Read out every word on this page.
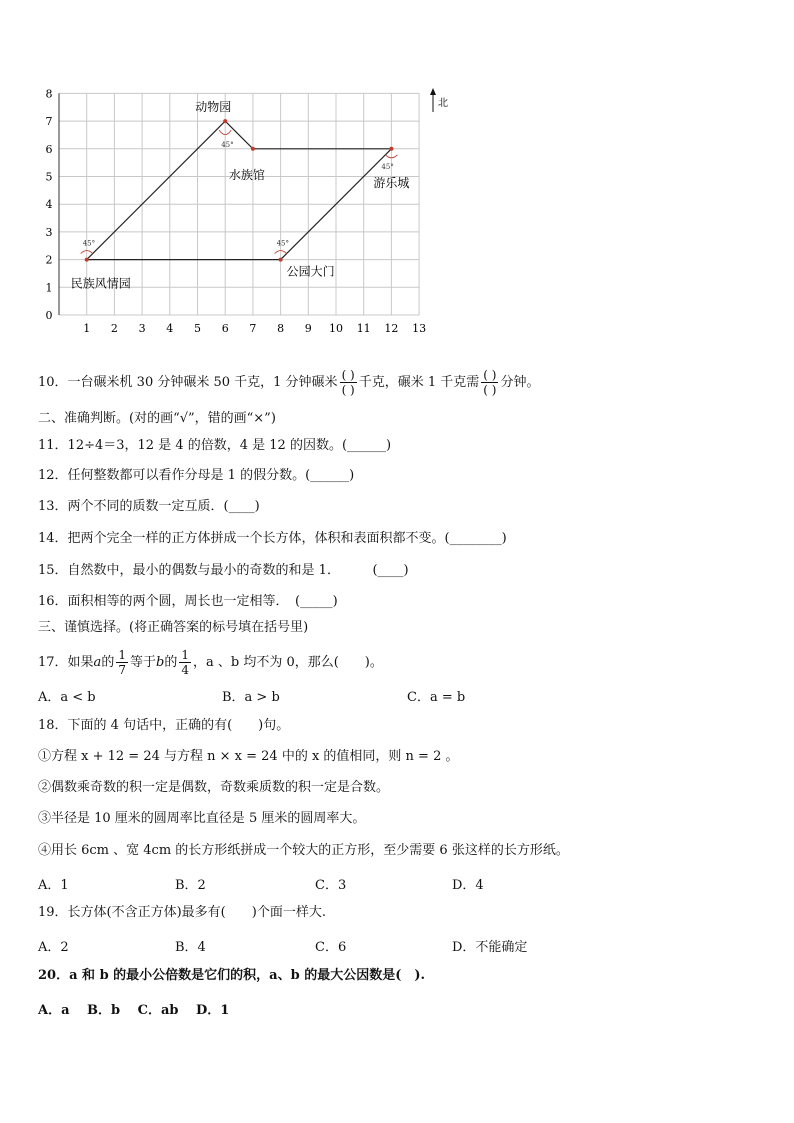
1 2 3 4 5 6 7 8 9 10 11 12 13
0
1
2
3
4
5
6
7
8
动物园
水族馆
游乐城
公园大门
民族风情园
45°
45°
45°
45°
北
10．一台碾米机 30 分钟碾米 50 千克，1 分钟碾米 $\frac{( )}{( )}$ 千克，碾米 1 千克需 $\frac{( )}{( )}$ 分钟。
二、准确判断。(对的画“√”，错的画“×”)
11．12÷4＝3，12 是 4 的倍数，4 是 12 的因数。(______)
12．任何整数都可以看作分母是 1 的假分数。(______)
13．两个不同的质数一定互质．(____)
14．把两个完全一样的正方体拼成一个长方体，体积和表面积都不变。(________)
15．自然数中，最小的偶数与最小的奇数的和是 1．　　　(____)
16．面积相等的两个圆，周长也一定相等．　(_____)
三、谨慎选择。(将正确答案的标号填在括号里)
17．如果a的 $\frac{1}{7}$ 等于b的 $\frac{1}{4}$ ，a 、b 均不为 0，那么(　　)。
A．a < b	B．a > b	C．a = b
18．下面的 4 句话中，正确的有(　　)句。
①方程 x + 12 = 24 与方程 n × x = 24 中的 x 的值相同，则 n = 2 。
②偶数乘奇数的积一定是偶数，奇数乘质数的积一定是合数。
③半径是 10 厘米的圆周率比直径是 5 厘米的圆周率大。
④用长 6cm 、宽 4cm 的长方形纸拼成一个较大的正方形，至少需要 6 张这样的长方形纸。
A．1	B．2	C．3	D．4
19．长方体(不含正方体)最多有(　　)个面一样大.
A．2	B．4	C．6	D．不能确定
20．a 和 b 的最小公倍数是它们的积，a、b 的最大公因数是(　).
A．a　 B．b　 C．ab　 D．1
